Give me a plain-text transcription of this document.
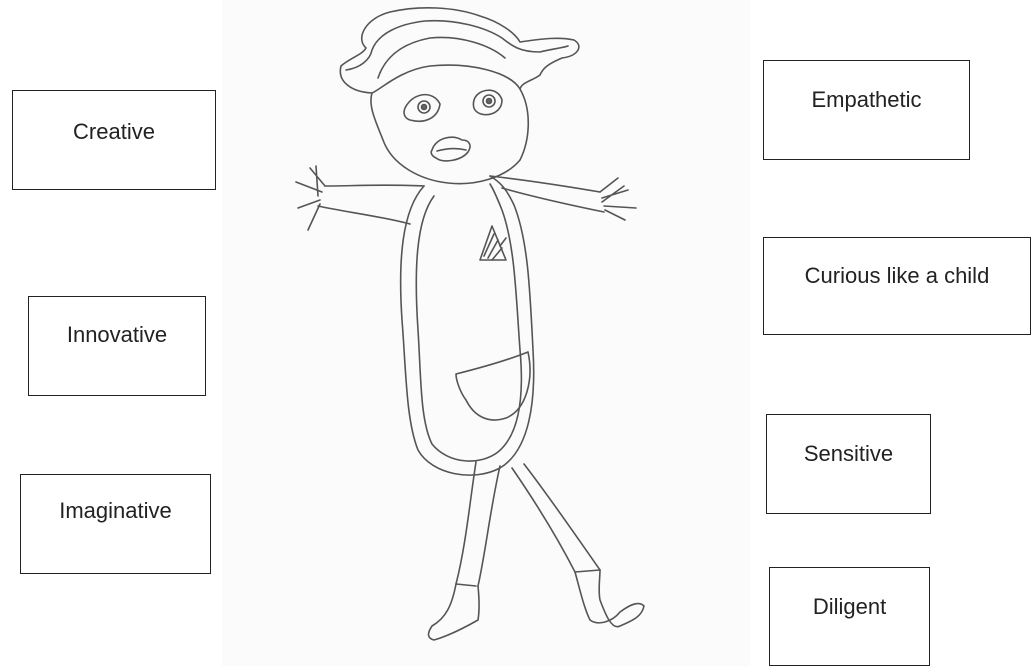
Creative
Innovative
Imaginative
Empathetic
Curious like a child
Sensitive
Diligent
